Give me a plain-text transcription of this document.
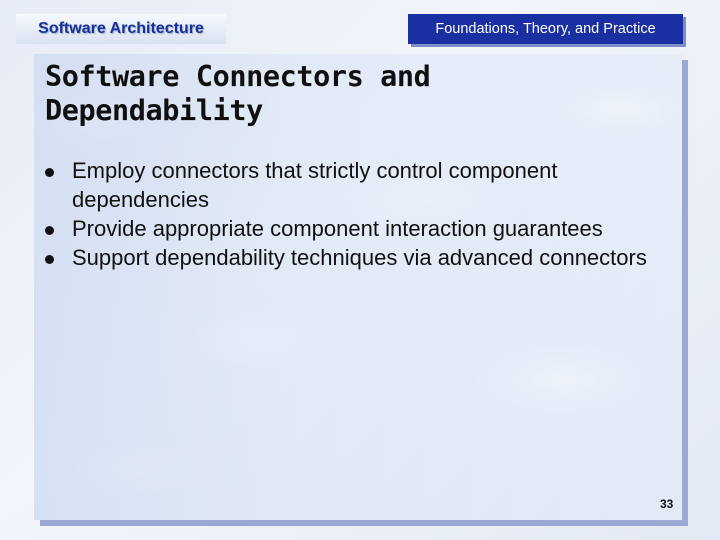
Software Architecture	Foundations, Theory, and Practice
Software Connectors and Dependability
Employ connectors that strictly control component dependencies
Provide appropriate component interaction guarantees
Support dependability techniques via advanced connectors
33
